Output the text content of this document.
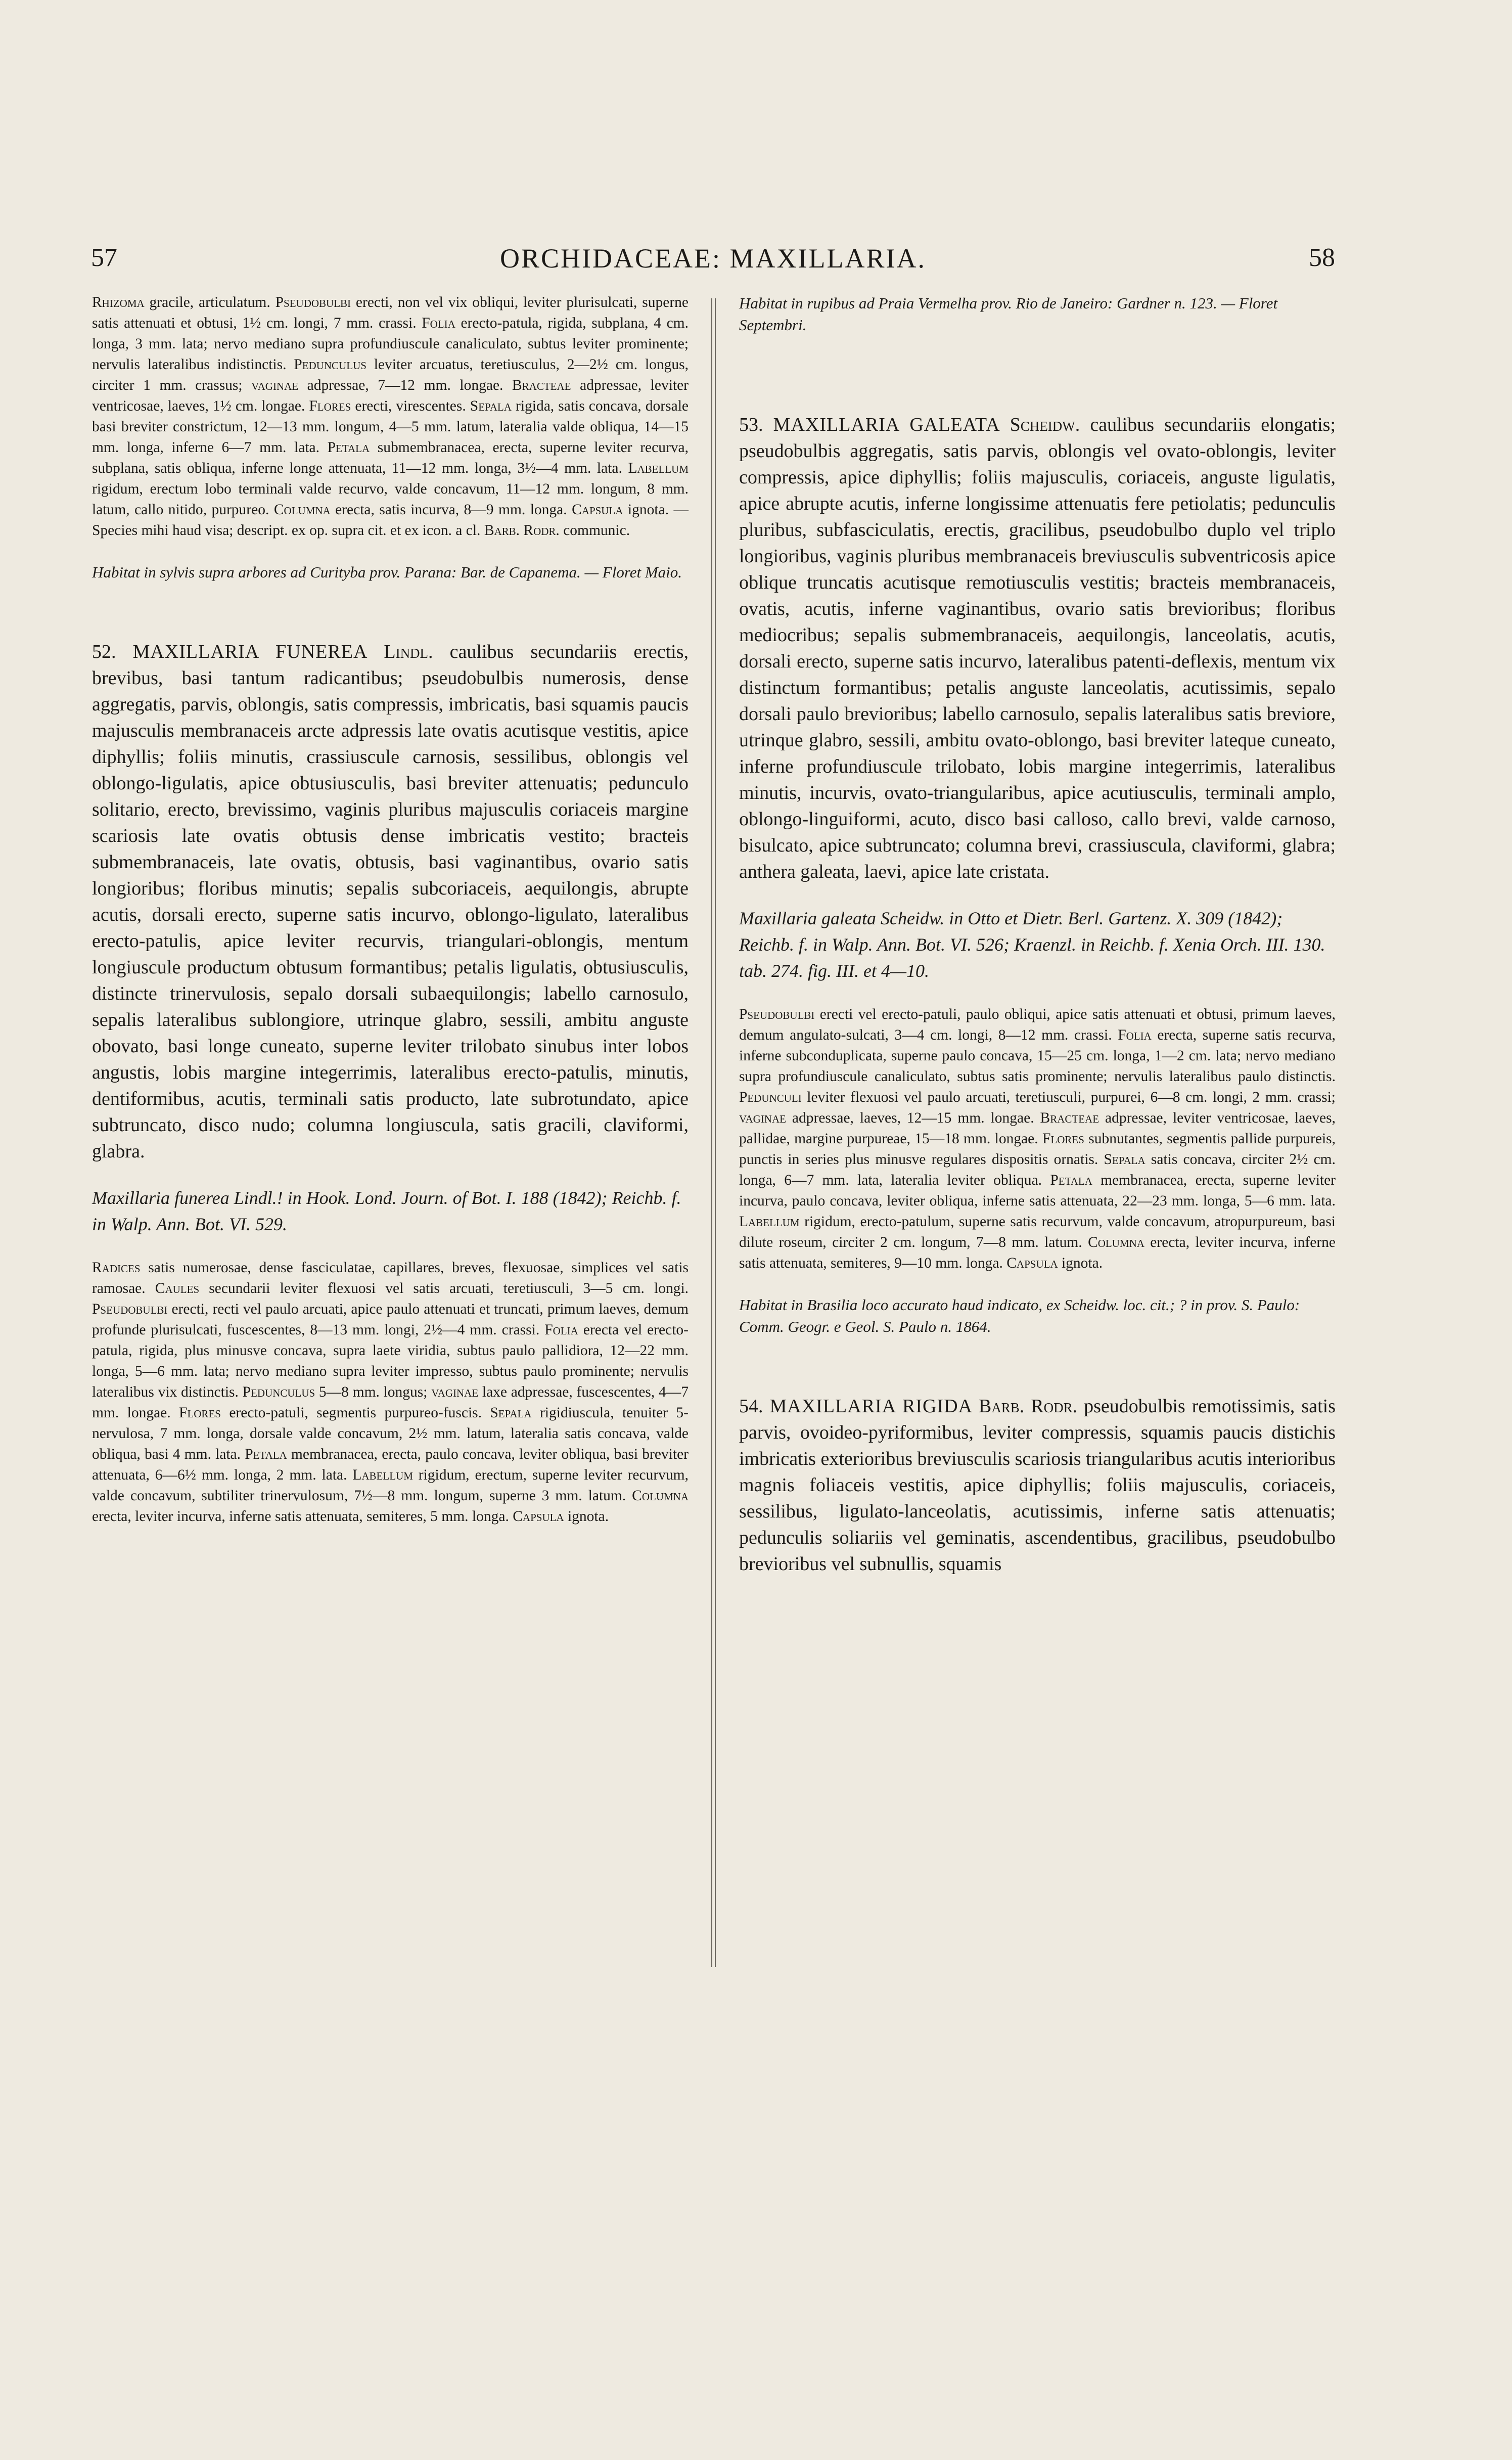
57	ORCHIDACEAE: MAXILLARIA.	58

Rhizoma gracile, articulatum. Pseudobulbi erecti, non vel vix obliqui, leviter plurisulcati, superne satis attenuati et obtusi, 1½ cm. longi, 7 mm. crassi. Folia erecto-patula, rigida, subplana, 4 cm. longa, 3 mm. lata; nervo mediano supra profundiuscule canaliculato, subtus leviter prominente; nervulis lateralibus indistinctis. Pedunculus leviter arcuatus, teretiusculus, 2—2½ cm. longus, circiter 1 mm. crassus; vaginae adpressae, 7—12 mm. longae. Bracteae adpressae, leviter ventricosae, laeves, 1½ cm. longae. Flores erecti, virescentes. Sepala rigida, satis concava, dorsale basi breviter constrictum, 12—13 mm. longum, 4—5 mm. latum, lateralia valde obliqua, 14—15 mm. longa, inferne 6—7 mm. lata. Petala submembranacea, erecta, superne leviter recurva, subplana, satis obliqua, inferne longe attenuata, 11—12 mm. longa, 3½—4 mm. lata. Labellum rigidum, erectum lobo terminali valde recurvo, valde concavum, 11—12 mm. longum, 8 mm. latum, callo nitido, purpureo. Columna erecta, satis incurva, 8—9 mm. longa. Capsula ignota. — Species mihi haud visa; descript. ex op. supra cit. et ex icon. a cl. Barb. Rodr. communic.

Habitat in sylvis supra arbores ad Curityba prov. Parana: Bar. de Capanema. — Floret Maio.

52. MAXILLARIA FUNEREA Lindl. caulibus secundariis erectis, brevibus, basi tantum radicantibus; pseudobulbis numerosis, dense aggregatis, parvis, oblongis, satis compressis, imbricatis, basi squamis paucis majusculis membranaceis arcte adpressis late ovatis acutisque vestitis, apice diphyllis; foliis minutis, crassiuscule carnosis, sessilibus, oblongis vel oblongo-ligulatis, apice obtusiusculis, basi breviter attenuatis; pedunculo solitario, erecto, brevissimo, vaginis pluribus majusculis coriaceis margine scariosis late ovatis obtusis dense imbricatis vestito; bracteis submembranaceis, late ovatis, obtusis, basi vaginantibus, ovario satis longioribus; floribus minutis; sepalis subcoriaceis, aequilongis, abrupte acutis, dorsali erecto, superne satis incurvo, oblongo-ligulato, lateralibus erecto-patulis, apice leviter recurvis, triangulari-oblongis, mentum longiuscule productum obtusum formantibus; petalis ligulatis, obtusiusculis, distincte trinervulosis, sepalo dorsali subaequilongis; labello carnosulo, sepalis lateralibus sublongiore, utrinque glabro, sessili, ambitu anguste obovato, basi longe cuneato, superne leviter trilobato sinubus inter lobos angustis, lobis margine integerrimis, lateralibus erecto-patulis, minutis, dentiformibus, acutis, terminali satis producto, late subrotundato, apice subtruncato, disco nudo; columna longiuscula, satis gracili, claviformi, glabra.

Maxillaria funerea Lindl.! in Hook. Lond. Journ. of Bot. I. 188 (1842); Reichb. f. in Walp. Ann. Bot. VI. 529.

Radices satis numerosae, dense fasciculatae, capillares, breves, flexuosae, simplices vel satis ramosae. Caules secundarii leviter flexuosi vel satis arcuati, teretiusculi, 3—5 cm. longi. Pseudobulbi erecti, recti vel paulo arcuati, apice paulo attenuati et truncati, primum laeves, demum profunde plurisulcati, fuscescentes, 8—13 mm. longi, 2½—4 mm. crassi. Folia erecta vel erecto-patula, rigida, plus minusve concava, supra laete viridia, subtus paulo pallidiora, 12—22 mm. longa, 5—6 mm. lata; nervo mediano supra leviter impresso, subtus paulo prominente; nervulis lateralibus vix distinctis. Pedunculus 5—8 mm. longus; vaginae laxe adpressae, fuscescentes, 4—7 mm. longae. Flores erecto-patuli, segmentis purpureo-fuscis. Sepala rigidiuscula, tenuiter 5-nervulosa, 7 mm. longa, dorsale valde concavum, 2½ mm. latum, lateralia satis concava, valde obliqua, basi 4 mm. lata. Petala membranacea, erecta, paulo concava, leviter obliqua, basi breviter attenuata, 6—6½ mm. longa, 2 mm. lata. Labellum rigidum, erectum, superne leviter recurvum, valde concavum, subtiliter trinervulosum, 7½—8 mm. longum, superne 3 mm. latum. Columna erecta, leviter incurva, inferne satis attenuata, semiteres, 5 mm. longa. Capsula ignota.

Habitat in rupibus ad Praia Vermelha prov. Rio de Janeiro: Gardner n. 123. — Floret Septembri.

53. MAXILLARIA GALEATA Scheidw. caulibus secundariis elongatis; pseudobulbis aggregatis, satis parvis, oblongis vel ovato-oblongis, leviter compressis, apice diphyllis; foliis majusculis, coriaceis, anguste ligulatis, apice abrupte acutis, inferne longissime attenuatis fere petiolatis; pedunculis pluribus, subfasciculatis, erectis, gracilibus, pseudobulbo duplo vel triplo longioribus, vaginis pluribus membranaceis breviusculis subventricosis apice oblique truncatis acutisque remotiusculis vestitis; bracteis membranaceis, ovatis, acutis, inferne vaginantibus, ovario satis brevioribus; floribus mediocribus; sepalis submembranaceis, aequilongis, lanceolatis, acutis, dorsali erecto, superne satis incurvo, lateralibus patenti-deflexis, mentum vix distinctum formantibus; petalis anguste lanceolatis, acutissimis, sepalo dorsali paulo brevioribus; labello carnosulo, sepalis lateralibus satis breviore, utrinque glabro, sessili, ambitu ovato-oblongo, basi breviter lateque cuneato, inferne profundiuscule trilobato, lobis margine integerrimis, lateralibus minutis, incurvis, ovato-triangularibus, apice acutiusculis, terminali amplo, oblongo-linguiformi, acuto, disco basi calloso, callo brevi, valde carnoso, bisulcato, apice subtruncato; columna brevi, crassiuscula, claviformi, glabra; anthera galeata, laevi, apice late cristata.

Maxillaria galeata Scheidw. in Otto et Dietr. Berl. Gartenz. X. 309 (1842); Reichb. f. in Walp. Ann. Bot. VI. 526; Kraenzl. in Reichb. f. Xenia Orch. III. 130. tab. 274. fig. III. et 4—10.

Pseudobulbi erecti vel erecto-patuli, paulo obliqui, apice satis attenuati et obtusi, primum laeves, demum angulato-sulcati, 3—4 cm. longi, 8—12 mm. crassi. Folia erecta, superne satis recurva, inferne subconduplicata, superne paulo concava, 15—25 cm. longa, 1—2 cm. lata; nervo mediano supra profundiuscule canaliculato, subtus satis prominente; nervulis lateralibus paulo distinctis. Pedunculi leviter flexuosi vel paulo arcuati, teretiusculi, purpurei, 6—8 cm. longi, 2 mm. crassi; vaginae adpressae, laeves, 12—15 mm. longae. Bracteae adpressae, leviter ventricosae, laeves, pallidae, margine purpureae, 15—18 mm. longae. Flores subnutantes, segmentis pallide purpureis, punctis in series plus minusve regulares dispositis ornatis. Sepala satis concava, circiter 2½ cm. longa, 6—7 mm. lata, lateralia leviter obliqua. Petala membranacea, erecta, superne leviter incurva, paulo concava, leviter obliqua, inferne satis attenuata, 22—23 mm. longa, 5—6 mm. lata. Labellum rigidum, erecto-patulum, superne satis recurvum, valde concavum, atropurpureum, basi dilute roseum, circiter 2 cm. longum, 7—8 mm. latum. Columna erecta, leviter incurva, inferne satis attenuata, semiteres, 9—10 mm. longa. Capsula ignota.

Habitat in Brasilia loco accurato haud indicato, ex Scheidw. loc. cit.; ? in prov. S. Paulo: Comm. Geogr. e Geol. S. Paulo n. 1864.

54. MAXILLARIA RIGIDA Barb. Rodr. pseudobulbis remotissimis, satis parvis, ovoideo-pyriformibus, leviter compressis, squamis paucis distichis imbricatis exterioribus breviusculis scariosis triangularibus acutis interioribus magnis foliaceis vestitis, apice diphyllis; foliis majusculis, coriaceis, sessilibus, ligulato-lanceolatis, acutissimis, inferne satis attenuatis; pedunculis soliariis vel geminatis, ascendentibus, gracilibus, pseudobulbo brevioribus vel subnullis, squamis
